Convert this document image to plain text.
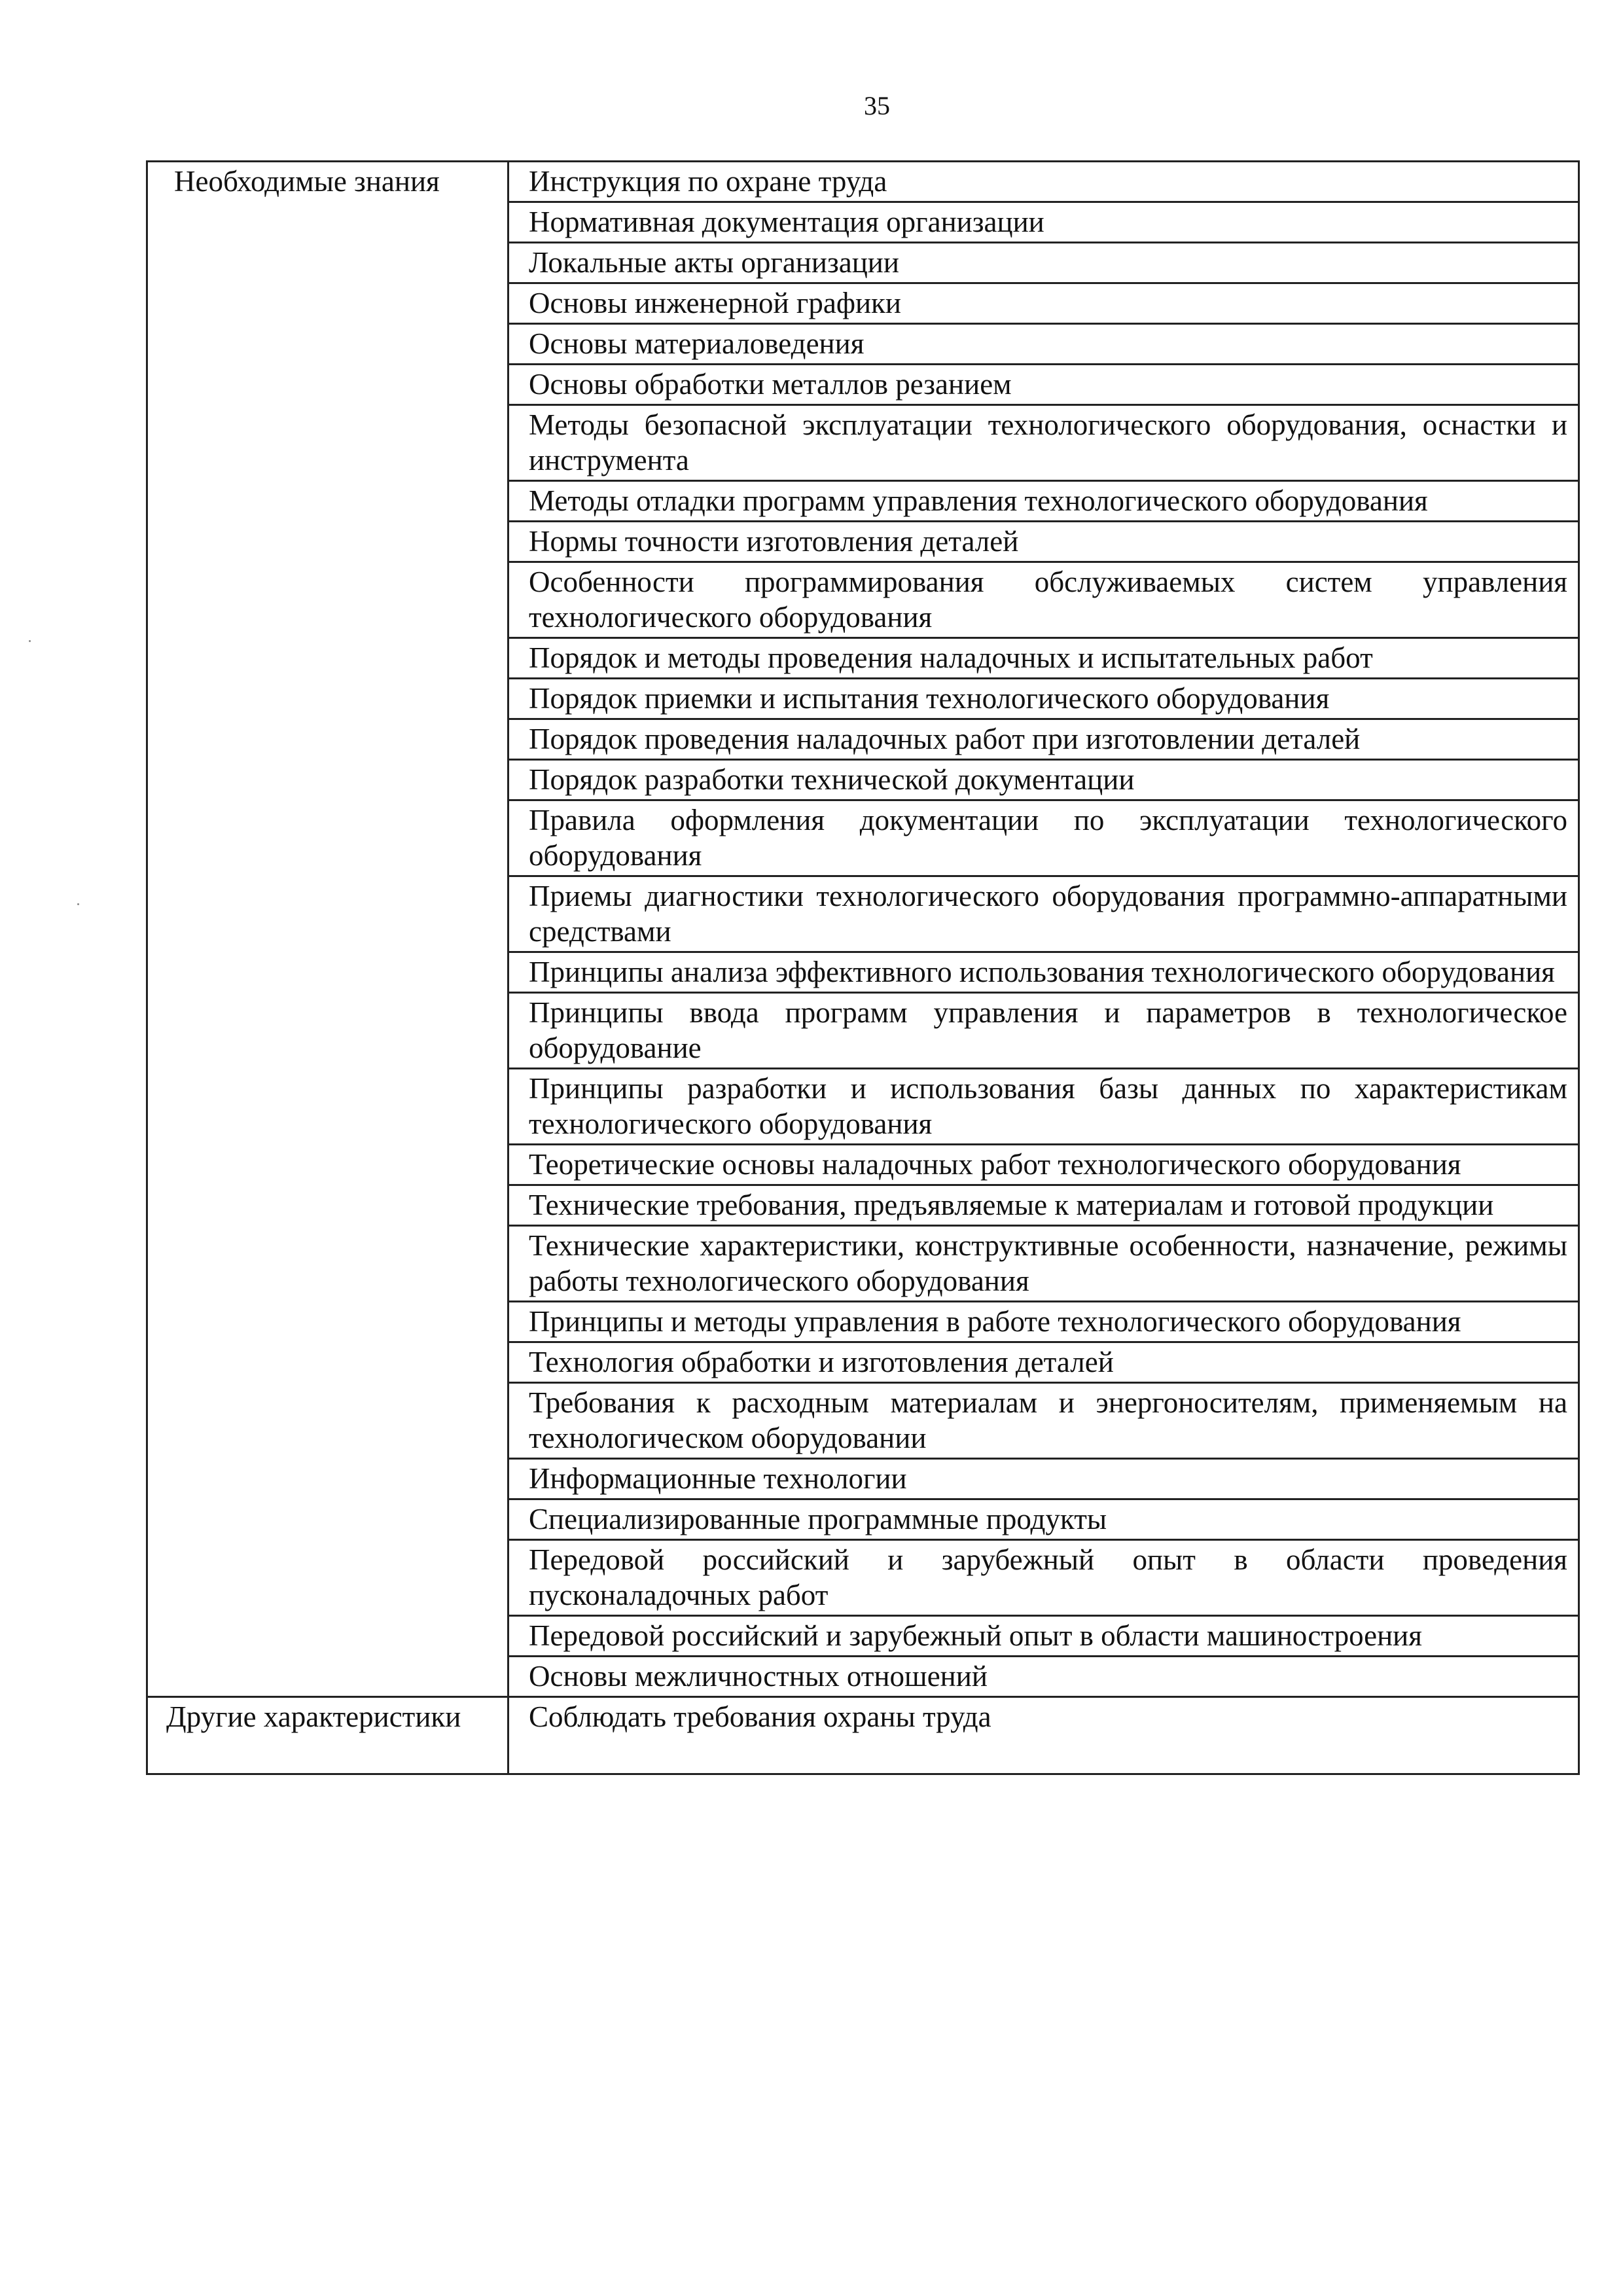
35
Необходимые знания	Инструкция по охране труда
	Нормативная документация организации
	Локальные акты организации
	Основы инженерной графики
	Основы материаловедения
	Основы обработки металлов резанием
	Методы безопасной эксплуатации технологического оборудования, оснастки и инструмента
	Методы отладки программ управления технологического оборудования
	Нормы точности изготовления деталей
	Особенности программирования обслуживаемых систем управления технологического оборудования
	Порядок и методы проведения наладочных и испытательных работ
	Порядок приемки и испытания технологического оборудования
	Порядок проведения наладочных работ при изготовлении деталей
	Порядок разработки технической документации
	Правила оформления документации по эксплуатации технологического оборудования
	Приемы диагностики технологического оборудования программно-аппаратными средствами
	Принципы анализа эффективного использования технологического оборудования
	Принципы ввода программ управления и параметров в технологическое оборудование
	Принципы разработки и использования базы данных по характеристикам технологического оборудования
	Теоретические основы наладочных работ технологического оборудования
	Технические требования, предъявляемые к материалам и готовой продукции
	Технические характеристики, конструктивные особенности, назначение, режимы работы технологического оборудования
	Принципы и методы управления в работе технологического оборудования
	Технология обработки и изготовления деталей
	Требования к расходным материалам и энергоносителям, применяемым на технологическом оборудовании
	Информационные технологии
	Специализированные программные продукты
	Передовой российский и зарубежный опыт в области проведения пусконаладочных работ
	Передовой российский и зарубежный опыт в области машиностроения
	Основы межличностных отношений
Другие характеристики	Соблюдать требования охраны труда
